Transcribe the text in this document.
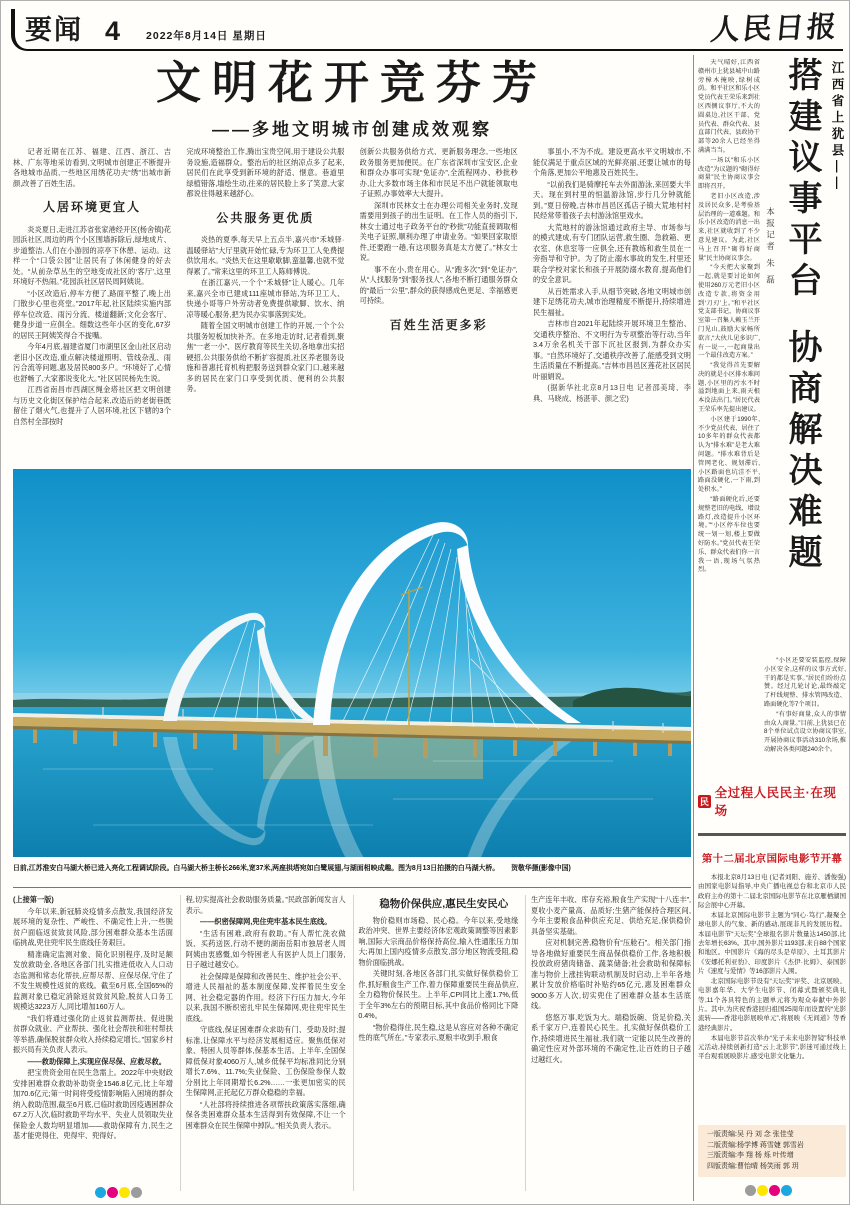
要闻 4 2022年8月14日 星期日	人民日报
文明花开竞芬芳
——多地文明城市创建成效观察

记者近期在江苏、福建、江西、浙江、吉林、广东等地采访看到,文明城市创建正不断提升各地城市品质,一些地区用绣花功夫“绣”出城市新颜,改善了百姓生活。

人居环境更宜人

炎炎夏日,走进江苏省张家港经开区(杨舍镇)花园浜社区,周边的两个小区围墙拆除后,绿地成片、步道整洁,人们在小游园的凉亭下休憩、运动。这样一个“口袋公园”让居民有了休闲健身的好去处。“从前杂草丛生的空地变成社区的‘客厅’,这里环境好不热闹。”花园浜社区居民周阿姨说。

“小区改造后,停车方便了,路面平整了,晚上出门散步心里也亮堂。”2017年起,社区陆续实施内部停车位改造、雨污分流、楼道翻新;文化会客厅、健身步道一应俱全。细数这些年小区的变化,67岁的居民王阿姨笑得合不拢嘴。

今年4月底,福建省厦门市湖里区金山社区启动老旧小区改造,重点解决楼道照明、管线杂乱、雨污合流等问题,惠及居民800多户。“环境好了,心情也舒畅了,大家都说变化大。”社区居民杨先生说。

江西省南昌市西湖区绳金塔社区把文明创建与历史文化街区保护结合起来,改造后的老街巷既留住了烟火气,也提升了人居环境,社区下辖的3个自然村全部按时

完成环境整治工作,腾出宝贵空间,用于建设公共服务设施,造福群众。整治后的社区纳凉点多了起来,居民们在此享受到新环境的舒适、惬意。巷道里绿植错落,墙绘生动,往来的居民脸上多了笑意,大家都说住得越来越舒心。

公共服务更优质

炎热的夏季,每天早上五点半,嘉兴市“禾城驿·温暖驿站”大厅里就开始忙碌,专为环卫工人免费提供饮用水。“炎热天在这里歇歇脚,蛮温馨,也就不觉得累了。”常来这里的环卫工人陈师傅说。

在浙江嘉兴,一个个“禾城驿”让人暖心。几年来,嘉兴全市已建成111座城市驿站,为环卫工人、快递小哥等户外劳动者免费提供歇脚、饮水、纳凉等暖心服务,把为民办实事落到实处。

随着全国文明城市创建工作的开展,一个个公共服务短板加快补齐。在多地走访时,记者看到,聚焦“一老一小”、医疗教育等民生关切,各地拿出实招硬招,公共服务供给不断扩容提质,社区养老服务设施和普惠托育机构把服务送到群众家门口,越来越多的居民在家门口享受到优质、便利的公共服务。

创新公共服务供给方式、更新服务理念,一些地区政务服务更加便民。在广东省深圳市宝安区,企业和群众办事可实现“免证办”,全流程网办、秒批秒办,让大多数市场主体和市民足不出户就能领取电子证照,办事效率大大提升。

深圳市民林女士在办理公司相关业务时,发现需要用到孩子的出生证明。在工作人员的指引下,林女士通过电子政务平台的“秒批”功能直接调取相关电子证照,顺利办理了申请业务。“如果回家取原件,还要跑一趟,有这项服务真是太方便了。”林女士说。

事不在小,贵在用心。从“跑多次”到“免证办”,从“人找服务”到“服务找人”,各地不断打通服务群众的“最后一公里”,群众的获得感成色更足、幸福感更可持续。

百姓生活更多彩

事虽小,不为不成。建设更高水平文明城市,不能仅满足于重点区域的光鲜亮丽,还要让城市的每个角落,更加公平地惠及百姓民生。

“以前我们是骑摩托车去外面游泳,来回要大半天。现在到村里的恒温游泳馆,步行几分钟就能到。”夏日傍晚,吉林市昌邑区孤店子镇大荒地村村民经常带着孩子去村游泳馆里戏水。

大荒地村的游泳馆通过政府主导、市场参与的模式建成,有专门团队运营,救生圈、急救箱、更衣室、休息室等一应俱全,还有教练和救生员在一旁指导和守护。为了防止溺水事故的发生,村里还联合学校对家长和孩子开展防溺水教育,提高他们的安全意识。

从百姓需求入手,从细节突破,各地文明城市创建下足绣花功夫,城市治理精度不断提升,持续增进民生福祉。

吉林市自2021年起陆续开展环境卫生整治、交通秩序整治、不文明行为专项整治等行动,当年3.4万余名机关干部下沉社区报到,为群众办实事。“自然环境好了,交通秩序改善了,能感受到文明生活质量在不断提高。”吉林市昌邑区莲花社区居民叶丽娟说。

(据新华社北京8月13日电 记者邵美琦、李典、马晓成、杨湛菲、颜之宏)

日前,江苏淮安白马湖大桥已进入亮化工程调试阶段。白马湖大桥主桥长266米,宽37米,两座拱塔宛如白鹭展翅,与湖面相映成趣。图为8月13日拍摄的白马湖大桥。 贺敬华摄(影像中国)

(上接第一版)

今年以来,新冠肺炎疫情多点散发,我国经济发展环境的复杂性、严峻性、不确定性上升,一些脱贫户面临返贫致贫风险,部分困难群众基本生活面临挑战,兜住兜牢民生底线任务艰巨。

精准确定监测对象、简化识别程序,及时足额发放救助金,各地区各部门扎实推进低收入人口动态监测和常态化帮扶,应帮尽帮、应保尽保,守住了不发生规模性返贫的底线。截至6月底,全国65%的监测对象已稳定消除返贫致贫风险,脱贫人口务工规模达3223万人,同比增加160万人。

“我们将通过强化防止返贫监测帮扶、促进脱贫群众就业、产业帮扶、强化社会帮扶和驻村帮扶等举措,确保脱贫群众收入持续稳定增长。”国家乡村振兴局有关负责人表示。

——救助保障上,实现应保尽保、应救尽救。

把宝贵资金用在民生急需上。2022年中央财政安排困难群众救助补助资金1546.8亿元,比上年增加70.6亿元;第一时间将受疫情影响陷入困境的群众纳入救助范围,截至6月底,已临时救助因疫遇困群众67.2万人次,临时救助平均水平、失业人员领取失业保险金人数均明显增加——救助保障有力,民生之基才能兜得住、兜得牢、兜得好。

程,切实提高社会救助服务质量。”民政部新闻发言人表示。

——织密保障网,兜住兜牢基本民生底线。

“生活有困难,政府有救助。”有人帮忙洗衣做饭、买药送医,行动不便的湖南岳阳市独居老人周阿姨由衷感慨,如今特困老人有医护人员上门服务,日子越过越安心。

社会保障是保障和改善民生、维护社会公平、增进人民福祉的基本制度保障,发挥着民生安全网、社会稳定器的作用。经济下行压力加大,今年以来,我国不断织密扎牢民生保障网,兜住兜牢民生底线。

守底线,保证困难群众求助有门、受助及时;提标准,让保障水平与经济发展相适应。聚焦低保对象、特困人员等群体,保基本生活。上半年,全国保障低保对象4060万人,城乡低保平均标准同比分别增长7.6%、11.7%;失业保险、工伤保险参保人数分别比上年同期增长6.2%……一张更加密实的民生保障网,正托起亿万群众稳稳的幸福。

“人社部将持续推进各项帮扶政策落实落细,确保各类困难群众基本生活得到有效保障,不让一个困难群众在民生保障中掉队。”相关负责人表示。

稳物价保供应,惠民生安民心

物价稳则市场稳、民心稳。今年以来,受地缘政治冲突、世界主要经济体宏观政策调整等因素影响,国际大宗商品价格保持高位,输入性通胀压力加大;再加上国内疫情多点散发,部分地区物流受阻,稳物价面临挑战。

关键时刻,各地区各部门扎实做好保供稳价工作,抓好粮食生产工作,着力保障重要民生商品供应,全力稳物价保民生。上半年,CPI同比上涨1.7%,低于全年3%左右的预期目标,其中食品价格同比下降0.4%。

“物价稳得住,民生稳,这是从容应对各种不确定性的底气所在。”专家表示,夏粮丰收到手,粮食

生产连年丰收、库存充裕,粮食生产实现“十八连丰”,夏收小麦产量高、品质好;生猪产能保持合理区间,今年主要粮食品种供应充足、供给充足,保供稳价具备坚实基础。

应对机制完善,稳物价有“压舱石”。相关部门指导各地做好重要民生商品保供稳价工作,各地积极投放政府猪肉储备、蔬菜储备;社会救助和保障标准与物价上涨挂钩联动机制及时启动,上半年各地累计发放价格临时补贴约65亿元,惠及困难群众9000多万人次,切实兜住了困难群众基本生活底线。

悠悠万事,吃饭为大。端稳饭碗、货足价稳,关系千家万户,连着民心民生。扎实做好保供稳价工作,持续增进民生福祉,我们就一定能以民生改善的确定性应对外部环境的不确定性,让百姓的日子越过越红火。

天气晴好,江西省赣州市上犹县城中山路旁樟木掩映,绿树成荫。和平社区和乐小区党员代表王荣乐来到社区西侧议事厅,不大的圆桌边,社区干部、党员代表、群众代表、县直部门代表、县政协干部等20余人已经坐得满满当当。

一场以“和乐小区改造”为议题的“砌得好商量”民主协商议事会即将召开。

老旧小区改造,涉及居民众多,是考验基层治理的一道难题。和乐小区改造的消息一出来,社区就收到了不少意见建议。为此,社区马上召开“砌得好商量”民主协商议事会。

“今天把大家聚到一起,就是要讨论如何使用260万元老旧小区改造专款,将资金用到‘刀刃’上。”和平社区党支部书记、协商议事室第一召集人赖玉兰开门见山,鼓励大家畅所欲言,“大伙儿见多识广,有一说一,一起商量出一个最佳改造方案。”

“我觉得首先要解决的就是小区排水难问题,小区里的污水不时溢到地面上来,雨天根本没法出门。”居民代表王荣乐率先提出建议。

小区建于1990年,不少党员代表、居住了10多年的群众代表都认为“排水难”是老大难问题。“排水难背后是管网老化、规划滞后,小区路面也坑洼不平,路面没硬化,一下雨,到处积水。”

“路面硬化后,还要规整老旧的电线、增设路灯,改造提升小区环境。”“小区停车位也要统一划一划,楼上要做好防水。”党员代表王荣乐、群众代表们你一言我一语,现场气氛热烈。

江西省上犹县——
搭建议事平台协商解决难题
本报记者 朱 磊

“小区还要安装监控,保障小区安全,这样的议事方式好,干的都是实事。”居民们纷纷点赞。经过几轮讨论,最终敲定了杆线规整、排水管网改造、路面硬化等7个项目。

“有事好商量,众人的事情由众人商量。”目前,上犹县已在8个单位试点设立协商议事室,开展协商议事活动310余场,推动解决各类问题240余个。

民
全过程人民民主·在现场
第十二届北京国际电影节开幕

本报北京8月13日电 (记者刘阳、施芳、潘俊强)由国家电影局指导,中央广播电视总台和北京市人民政府主办的第十二届北京国际电影节在北京雁栖湖国际会展中心开幕。

本届北京国际电影节主题为“同心·笃行”,凝聚全球电影人的气象、新的感动,展现非凡的发展历程。本届电影节“天坛奖”全球报名影片数量达1450部,比去年增长63%。其中,国外影片1193部,来自88个国家和地区。中国影片《海的尽头是草原》、土耳其影片《安娜托利亚豹》、印度影片《杰伊·比姆》、泰国影片《速度与爱情》等16部影片入围。

北京国际电影节设有“天坛奖”评奖、北京展映、电影嘉年华、大学生电影节、闭幕式暨颁奖典礼等,11个各具特色的主题单元将为观众奉献中外影片。其中,为庆祝香港回归祖国25周年而设置的“光影流转——香港电影展映单元”,将展映《无间道》等香港经典影片。

本届电影节首次举办“光子未来电影智镜”科技单元活动,持续创新打造“云上北影节”,影迷可通过线上平台观看展映影片,感受电影文化魅力。

一版责编:吴 丹 刘 念 张佳莹
二版责编:杨学博 蒋雪婕 郭雪岩
三版责编:李 翔 杨 烁 叶传增
四版责编:曹怡晴 杨笑雨 郭 玥
